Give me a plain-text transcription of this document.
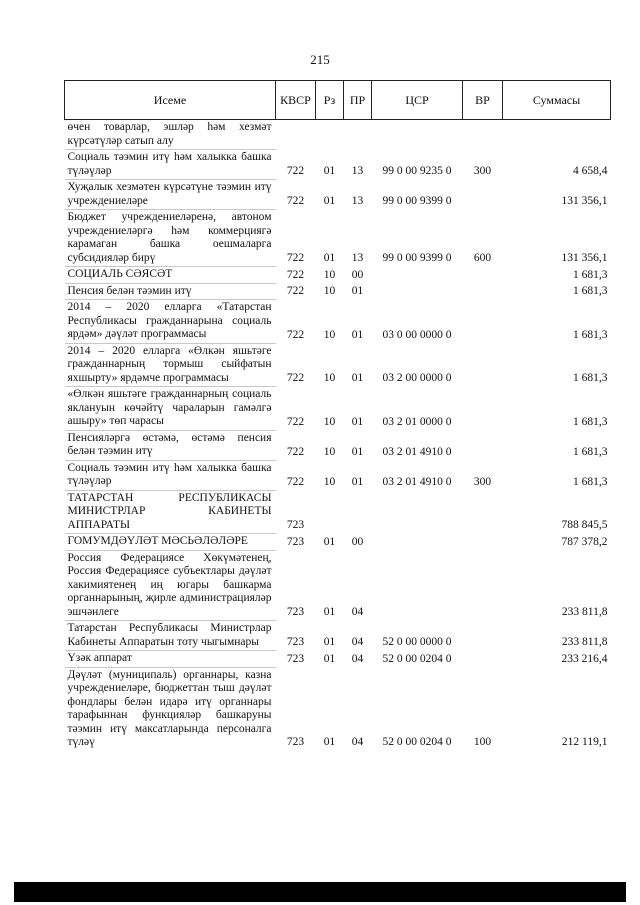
215
Исеме	КВСР	Рз	ПР	ЦСР	ВР	Суммасы
өчен товарлар, эшләр һәм хезмәт күрсәтүләр сатып алу						
Социаль тәэмин итү һәм халыкка башка түләүләр	722	01	13	99 0 00 9235 0	300	4 658,4
Хуҗалык хезмәтен күрсәтүне тәэмин итү учреждениеләре	722	01	13	99 0 00 9399 0		131 356,1
Бюджет учреждениеләренә, автоном учреждениеләргә һәм коммерциягә карамаган башка оешмаларга субсидияләр бирү	722	01	13	99 0 00 9399 0	600	131 356,1
СОЦИАЛЬ СӘЯСӘТ	722	10	00			1 681,3
Пенсия белән тәэмин итү	722	10	01			1 681,3
2014 – 2020 елларга «Татарстан Республикасы гражданнарына социаль ярдәм» дәүләт программасы	722	10	01	03 0 00 0000 0		1 681,3
2014 – 2020 елларга «Өлкән яшьтәге гражданнарның тормыш сыйфатын яхшырту» ярдәмче программасы	722	10	01	03 2 00 0000 0		1 681,3
«Өлкән яшьтәге гражданнарның социаль яклануын көчәйтү чараларын гамәлгә ашыру» төп чарасы	722	10	01	03 2 01 0000 0		1 681,3
Пенсияләргә өстәмә, өстәмә пенсия белән тәэмин итү	722	10	01	03 2 01 4910 0		1 681,3
Социаль тәэмин итү һәм халыкка башка түләүләр	722	10	01	03 2 01 4910 0	300	1 681,3
ТАТАРСТАН РЕСПУБЛИКАСЫ МИНИСТРЛАР КАБИНЕТЫ АППАРАТЫ	723					788 845,5
ГОМУМДӘҮЛӘТ МӘСЬӘЛӘЛӘРЕ	723	01	00			787 378,2
Россия Федерациясе Хөкүмәтенең, Россия Федерациясе субъектлары дәүләт хакимиятенең иң югары башкарма органнарының, җирле администрацияләр эшчәнлеге	723	01	04			233 811,8
Татарстан Республикасы Министрлар Кабинеты Аппаратын тоту чыгымнары	723	01	04	52 0 00 0000 0		233 811,8
Үзәк аппарат	723	01	04	52 0 00 0204 0		233 216,4
Дәүләт (муниципаль) органнары, казна учреждениеләре, бюджеттан тыш дәүләт фондлары белән идарә итү органнары тарафыннан функцияләр башкаруны тәэмин итү максатларында персоналга түләү	723	01	04	52 0 00 0204 0	100	212 119,1
